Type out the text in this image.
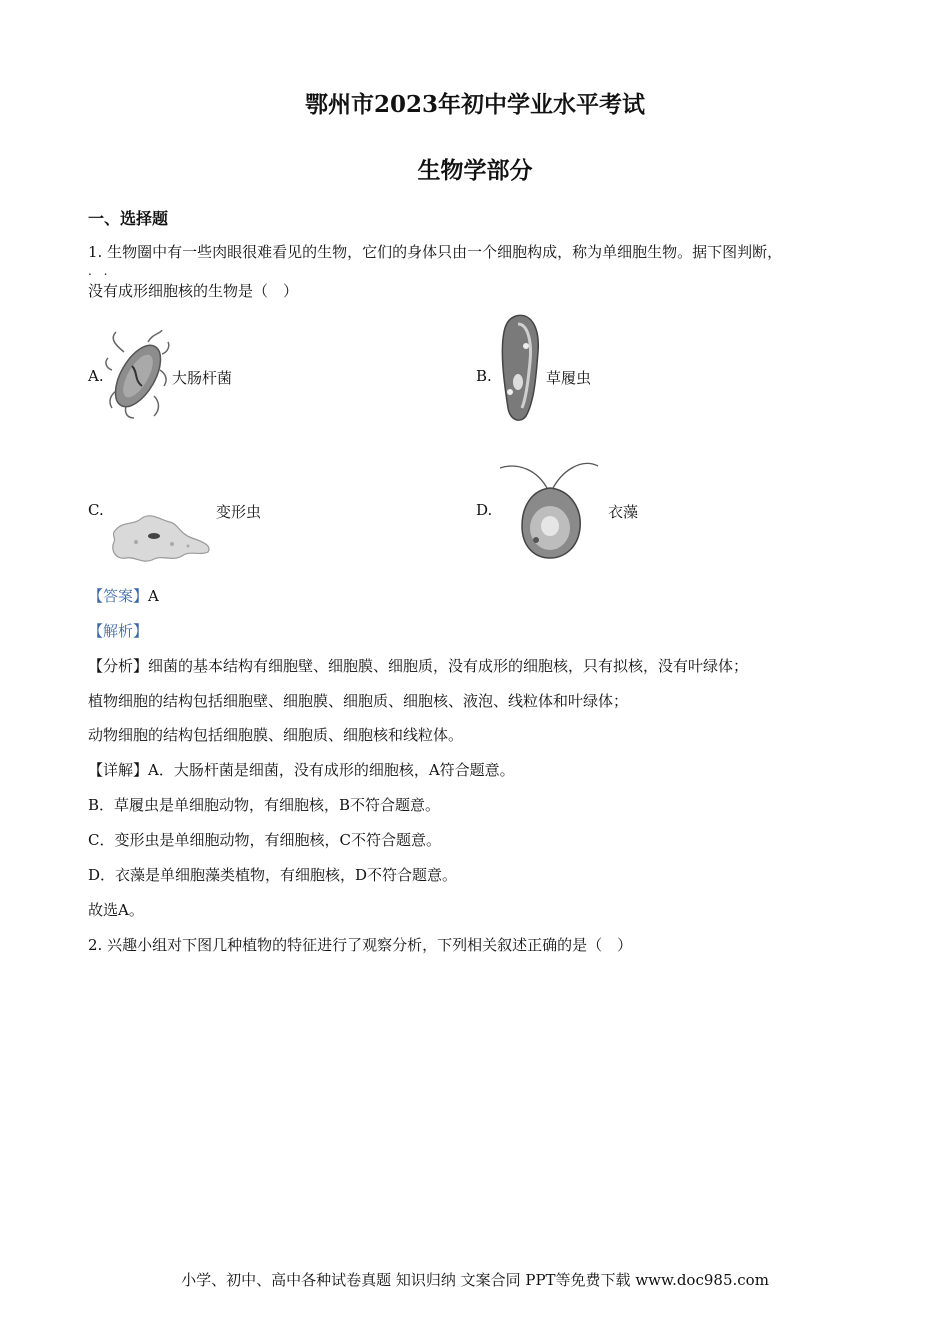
鄂州市2023年初中学业水平考试
生物学部分
一、选择题
1. 生物圈中有一些肉眼很难看见的生物，它们的身体只由一个细胞构成，称为单细胞生物。据下图判断，
. .
没有成形细胞核的生物是（　）
A.	大肠杆菌	B.	草履虫
C.	变形虫	D.	衣藻
【答案】A
【解析】
【分析】细菌的基本结构有细胞壁、细胞膜、细胞质，没有成形的细胞核，只有拟核，没有叶绿体；
植物细胞的结构包括细胞壁、细胞膜、细胞质、细胞核、液泡、线粒体和叶绿体；
动物细胞的结构包括细胞膜、细胞质、细胞核和线粒体。
【详解】A．大肠杆菌是细菌，没有成形的细胞核，A符合题意。
B．草履虫是单细胞动物，有细胞核，B不符合题意。
C．变形虫是单细胞动物，有细胞核，C不符合题意。
D．衣藻是单细胞藻类植物，有细胞核，D不符合题意。
故选A。
2. 兴趣小组对下图几种植物的特征进行了观察分析，下列相关叙述正确的是（　）
小学、初中、高中各种试卷真题 知识归纳 文案合同 PPT等免费下载 www.doc985.com
